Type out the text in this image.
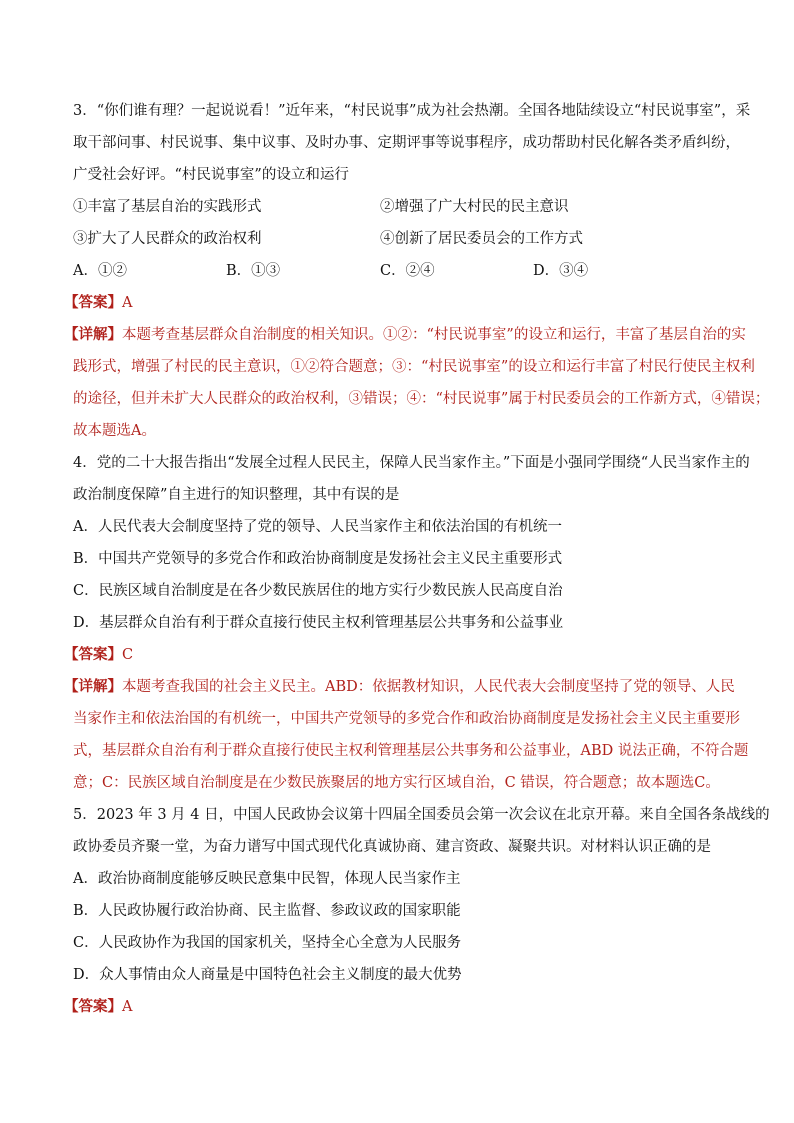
3．“你们谁有理？一起说说看！”近年来，“村民说事”成为社会热潮。全国各地陆续设立“村民说事室”，采
取干部问事、村民说事、集中议事、及时办事、定期评事等说事程序，成功帮助村民化解各类矛盾纠纷，
广受社会好评。“村民说事室”的设立和运行
①丰富了基层自治的实践形式	②增强了广大村民的民主意识
③扩大了人民群众的政治权利	④创新了居民委员会的工作方式
A．①②	B．①③	C．②④	D．③④
【答案】A
【详解】本题考查基层群众自治制度的相关知识。①②：“村民说事室”的设立和运行，丰富了基层自治的实
践形式，增强了村民的民主意识，①②符合题意；③：“村民说事室”的设立和运行丰富了村民行使民主权利
的途径，但并未扩大人民群众的政治权利，③错误；④：“村民说事”属于村民委员会的工作新方式，④错误；
故本题选A。
4．党的二十大报告指出“发展全过程人民民主，保障人民当家作主。”下面是小强同学围绕“人民当家作主的
政治制度保障”自主进行的知识整理，其中有误的是
A．人民代表大会制度坚持了党的领导、人民当家作主和依法治国的有机统一
B．中国共产党领导的多党合作和政治协商制度是发扬社会主义民主重要形式
C．民族区域自治制度是在各少数民族居住的地方实行少数民族人民高度自治
D．基层群众自治有利于群众直接行使民主权利管理基层公共事务和公益事业
【答案】C
【详解】本题考查我国的社会主义民主。ABD：依据教材知识，人民代表大会制度坚持了党的领导、人民
当家作主和依法治国的有机统一，中国共产党领导的多党合作和政治协商制度是发扬社会主义民主重要形
式，基层群众自治有利于群众直接行使民主权利管理基层公共事务和公益事业，ABD 说法正确，不符合题
意；C：民族区域自治制度是在少数民族聚居的地方实行区域自治，C 错误，符合题意；故本题选C。
5．2023 年 3 月 4 日，中国人民政协会议第十四届全国委员会第一次会议在北京开幕。来自全国各条战线的
政协委员齐聚一堂，为奋力谱写中国式现代化真诚协商、建言资政、凝聚共识。对材料认识正确的是
A．政治协商制度能够反映民意集中民智，体现人民当家作主
B．人民政协履行政治协商、民主监督、参政议政的国家职能
C．人民政协作为我国的国家机关，坚持全心全意为人民服务
D．众人事情由众人商量是中国特色社会主义制度的最大优势
【答案】A
